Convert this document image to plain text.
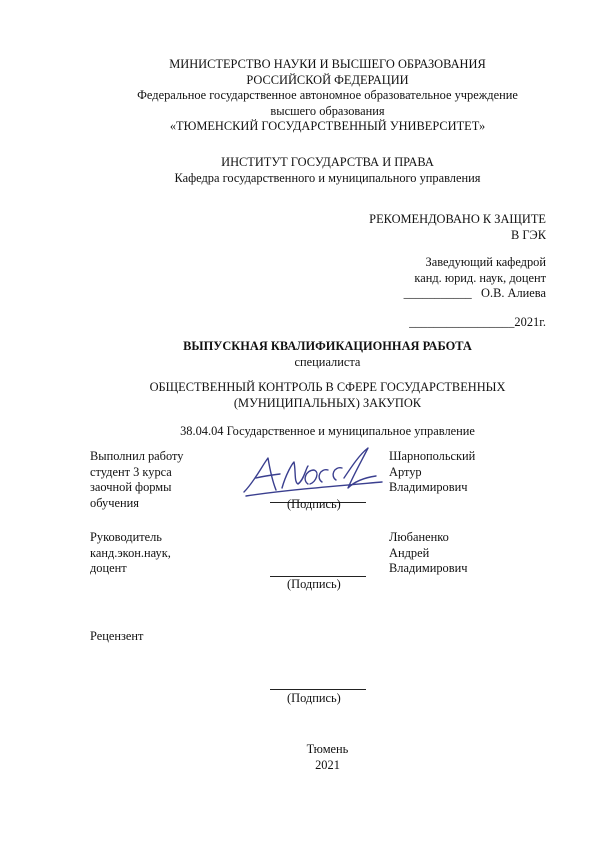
МИНИСТЕРСТВО НАУКИ И ВЫСШЕГО ОБРАЗОВАНИЯ
РОССИЙСКОЙ ФЕДЕРАЦИИ
Федеральное государственное автономное образовательное учреждение
высшего образования
«ТЮМЕНСКИЙ ГОСУДАРСТВЕННЫЙ УНИВЕРСИТЕТ»
ИНСТИТУТ ГОСУДАРСТВА И ПРАВА
Кафедра государственного и муниципального управления
РЕКОМЕНДОВАНО К ЗАЩИТЕ
В ГЭК
Заведующий кафедрой
канд. юрид. наук, доцент
___________ О.В. Алиева
_________________2021г.
ВЫПУСКНАЯ КВАЛИФИКАЦИОННАЯ РАБОТА
специалиста
ОБЩЕСТВЕННЫЙ КОНТРОЛЬ В СФЕРЕ ГОСУДАРСТВЕННЫХ
(МУНИЦИПАЛЬНЫХ) ЗАКУПОК
38.04.04 Государственное и муниципальное управление
Выполнил работу
студент 3 курса
заочной формы
обучения	(Подпись)
Шарнопольский
Артур
Владимирович
Руководитель
канд.экон.наук,
доцент
(Подпись)
Любаненко
Андрей
Владимирович
Рецензент
(Подпись)
Тюмень
2021
